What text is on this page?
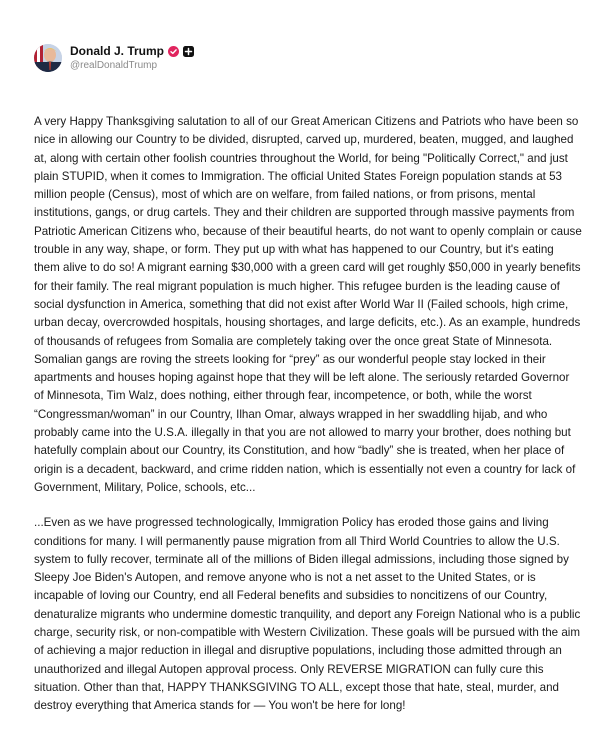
Donald J. Trump
@realDonaldTrump

A very Happy Thanksgiving salutation to all of our Great American Citizens and Patriots who have been so nice in allowing our Country to be divided, disrupted, carved up, murdered, beaten, mugged, and laughed at, along with certain other foolish countries throughout the World, for being "Politically Correct," and just plain STUPID, when it comes to Immigration. The official United States Foreign population stands at 53 million people (Census), most of which are on welfare, from failed nations, or from prisons, mental institutions, gangs, or drug cartels. They and their children are supported through massive payments from Patriotic American Citizens who, because of their beautiful hearts, do not want to openly complain or cause trouble in any way, shape, or form. They put up with what has happened to our Country, but it's eating them alive to do so! A migrant earning $30,000 with a green card will get roughly $50,000 in yearly benefits for their family. The real migrant population is much higher. This refugee burden is the leading cause of social dysfunction in America, something that did not exist after World War II (Failed schools, high crime, urban decay, overcrowded hospitals, housing shortages, and large deficits, etc.). As an example, hundreds of thousands of refugees from Somalia are completely taking over the once great State of Minnesota. Somalian gangs are roving the streets looking for “prey” as our wonderful people stay locked in their apartments and houses hoping against hope that they will be left alone. The seriously retarded Governor of Minnesota, Tim Walz, does nothing, either through fear, incompetence, or both, while the worst “Congressman/woman” in our Country, Ilhan Omar, always wrapped in her swaddling hijab, and who probably came into the U.S.A. illegally in that you are not allowed to marry your brother, does nothing but hatefully complain about our Country, its Constitution, and how “badly” she is treated, when her place of origin is a decadent, backward, and crime ridden nation, which is essentially not even a country for lack of Government, Military, Police, schools, etc...

...Even as we have progressed technologically, Immigration Policy has eroded those gains and living conditions for many. I will permanently pause migration from all Third World Countries to allow the U.S. system to fully recover, terminate all of the millions of Biden illegal admissions, including those signed by Sleepy Joe Biden's Autopen, and remove anyone who is not a net asset to the United States, or is incapable of loving our Country, end all Federal benefits and subsidies to noncitizens of our Country, denaturalize migrants who undermine domestic tranquility, and deport any Foreign National who is a public charge, security risk, or non-compatible with Western Civilization. These goals will be pursued with the aim of achieving a major reduction in illegal and disruptive populations, including those admitted through an unauthorized and illegal Autopen approval process. Only REVERSE MIGRATION can fully cure this situation. Other than that, HAPPY THANKSGIVING TO ALL, except those that hate, steal, murder, and destroy everything that America stands for — You won't be here for long!
